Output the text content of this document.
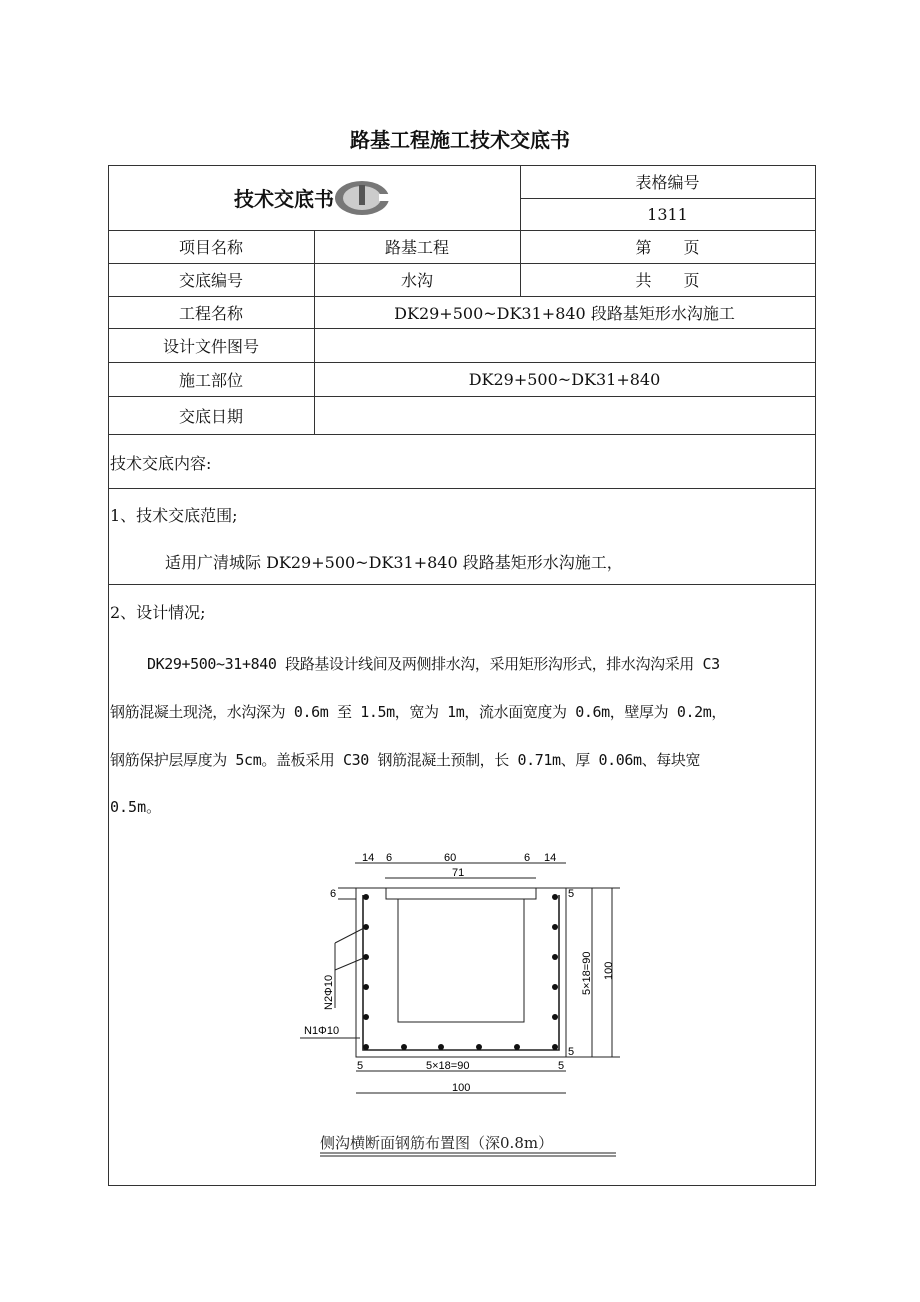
路基工程施工技术交底书
技术交底书
表格编号
1311
项目名称	路基工程	第　　页
交底编号	水沟	共　　页
工程名称	DK29+500~DK31+840 段路基矩形水沟施工
设计文件图号
施工部位	DK29+500~DK31+840
交底日期
技术交底内容:
1、技术交底范围;
适用广清城际 DK29+500~DK31+840 段路基矩形水沟施工，
2、设计情况;
DK29+500~31+840 段路基设计线间及两侧排水沟，采用矩形沟形式，排水沟沟采用 C3
钢筋混凝土现浇，水沟深为 0.6m 至 1.5m，宽为 1m，流水面宽度为 0.6m，壁厚为 0.2m，
钢筋保护层厚度为 5cm。盖板采用 C30 钢筋混凝土预制，长 0.71m、厚 0.06m、每块宽
0.5m。
14 6	60	6 14
71
6	5
5
5×18=90 100
5	5
5×18=90
100
N2Φ10
N1Φ10
侧沟横断面钢筋布置图（深0.8m）
